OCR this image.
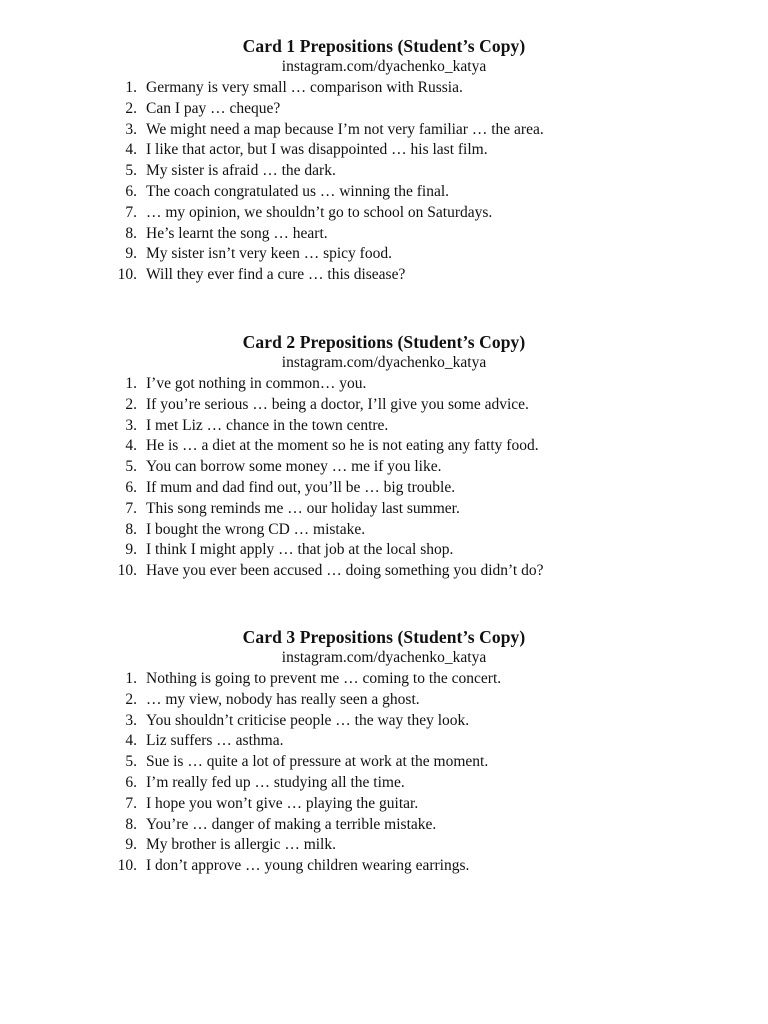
Card 1 Prepositions (Student’s Copy)
instagram.com/dyachenko_katya
1. Germany is very small … comparison with Russia.
2. Can I pay … cheque?
3. We might need a map because I’m not very familiar … the area.
4. I like that actor, but I was disappointed … his last film.
5. My sister is afraid … the dark.
6. The coach congratulated us … winning the final.
7. … my opinion, we shouldn’t go to school on Saturdays.
8. He’s learnt the song … heart.
9. My sister isn’t very keen … spicy food.
10. Will they ever find a cure … this disease?
Card 2 Prepositions (Student’s Copy)
instagram.com/dyachenko_katya
1. I’ve got nothing in common… you.
2. If you’re serious … being a doctor, I’ll give you some advice.
3. I met Liz … chance in the town centre.
4. He is … a diet at the moment so he is not eating any fatty food.
5. You can borrow some money … me if you like.
6. If mum and dad find out, you’ll be … big trouble.
7. This song reminds me … our holiday last summer.
8. I bought the wrong CD … mistake.
9. I think I might apply … that job at the local shop.
10. Have you ever been accused … doing something you didn’t do?
Card 3 Prepositions (Student’s Copy)
instagram.com/dyachenko_katya
1. Nothing is going to prevent me … coming to the concert.
2. … my view, nobody has really seen a ghost.
3. You shouldn’t criticise people … the way they look.
4. Liz suffers … asthma.
5. Sue is … quite a lot of pressure at work at the moment.
6. I’m really fed up … studying all the time.
7. I hope you won’t give … playing the guitar.
8. You’re … danger of making a terrible mistake.
9. My brother is allergic … milk.
10. I don’t approve … young children wearing earrings.
